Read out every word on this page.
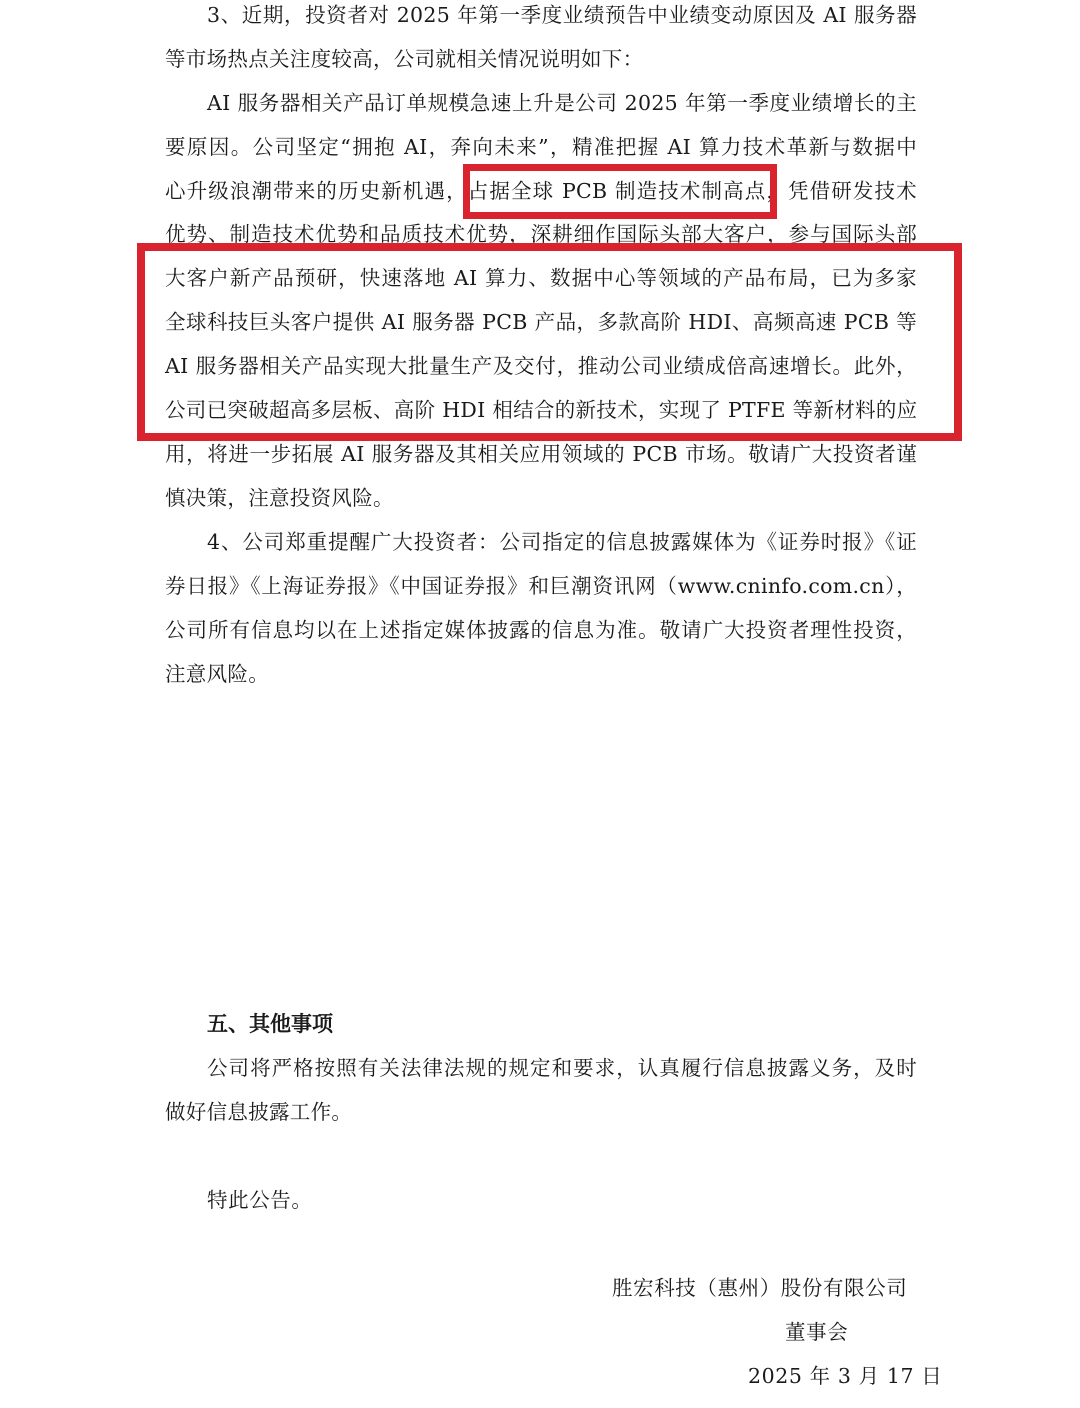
3、近期，投资者对 2025 年第一季度业绩预告中业绩变动原因及 AI 服务器
等市场热点关注度较高，公司就相关情况说明如下：
AI 服务器相关产品订单规模急速上升是公司 2025 年第一季度业绩增长的主
要原因。公司坚定“拥抱 AI，奔向未来”，精准把握 AI 算力技术革新与数据中
心升级浪潮带来的历史新机遇，占据全球 PCB 制造技术制高点，凭借研发技术
优势、制造技术优势和品质技术优势，深耕细作国际头部大客户，参与国际头部
大客户新产品预研，快速落地 AI 算力、数据中心等领域的产品布局，已为多家
全球科技巨头客户提供 AI 服务器 PCB 产品，多款高阶 HDI、高频高速 PCB 等
AI 服务器相关产品实现大批量生产及交付，推动公司业绩成倍高速增长。此外，
公司已突破超高多层板、高阶 HDI 相结合的新技术，实现了 PTFE 等新材料的应
用，将进一步拓展 AI 服务器及其相关应用领域的 PCB 市场。敬请广大投资者谨
慎决策，注意投资风险。
4、公司郑重提醒广大投资者：公司指定的信息披露媒体为《证券时报》《证
券日报》《上海证券报》《中国证券报》和巨潮资讯网（www.cninfo.com.cn），
公司所有信息均以在上述指定媒体披露的信息为准。敬请广大投资者理性投资，
注意风险。
五、其他事项
公司将严格按照有关法律法规的规定和要求，认真履行信息披露义务，及时
做好信息披露工作。
特此公告。
胜宏科技（惠州）股份有限公司
董事会
2025 年 3 月 17 日
